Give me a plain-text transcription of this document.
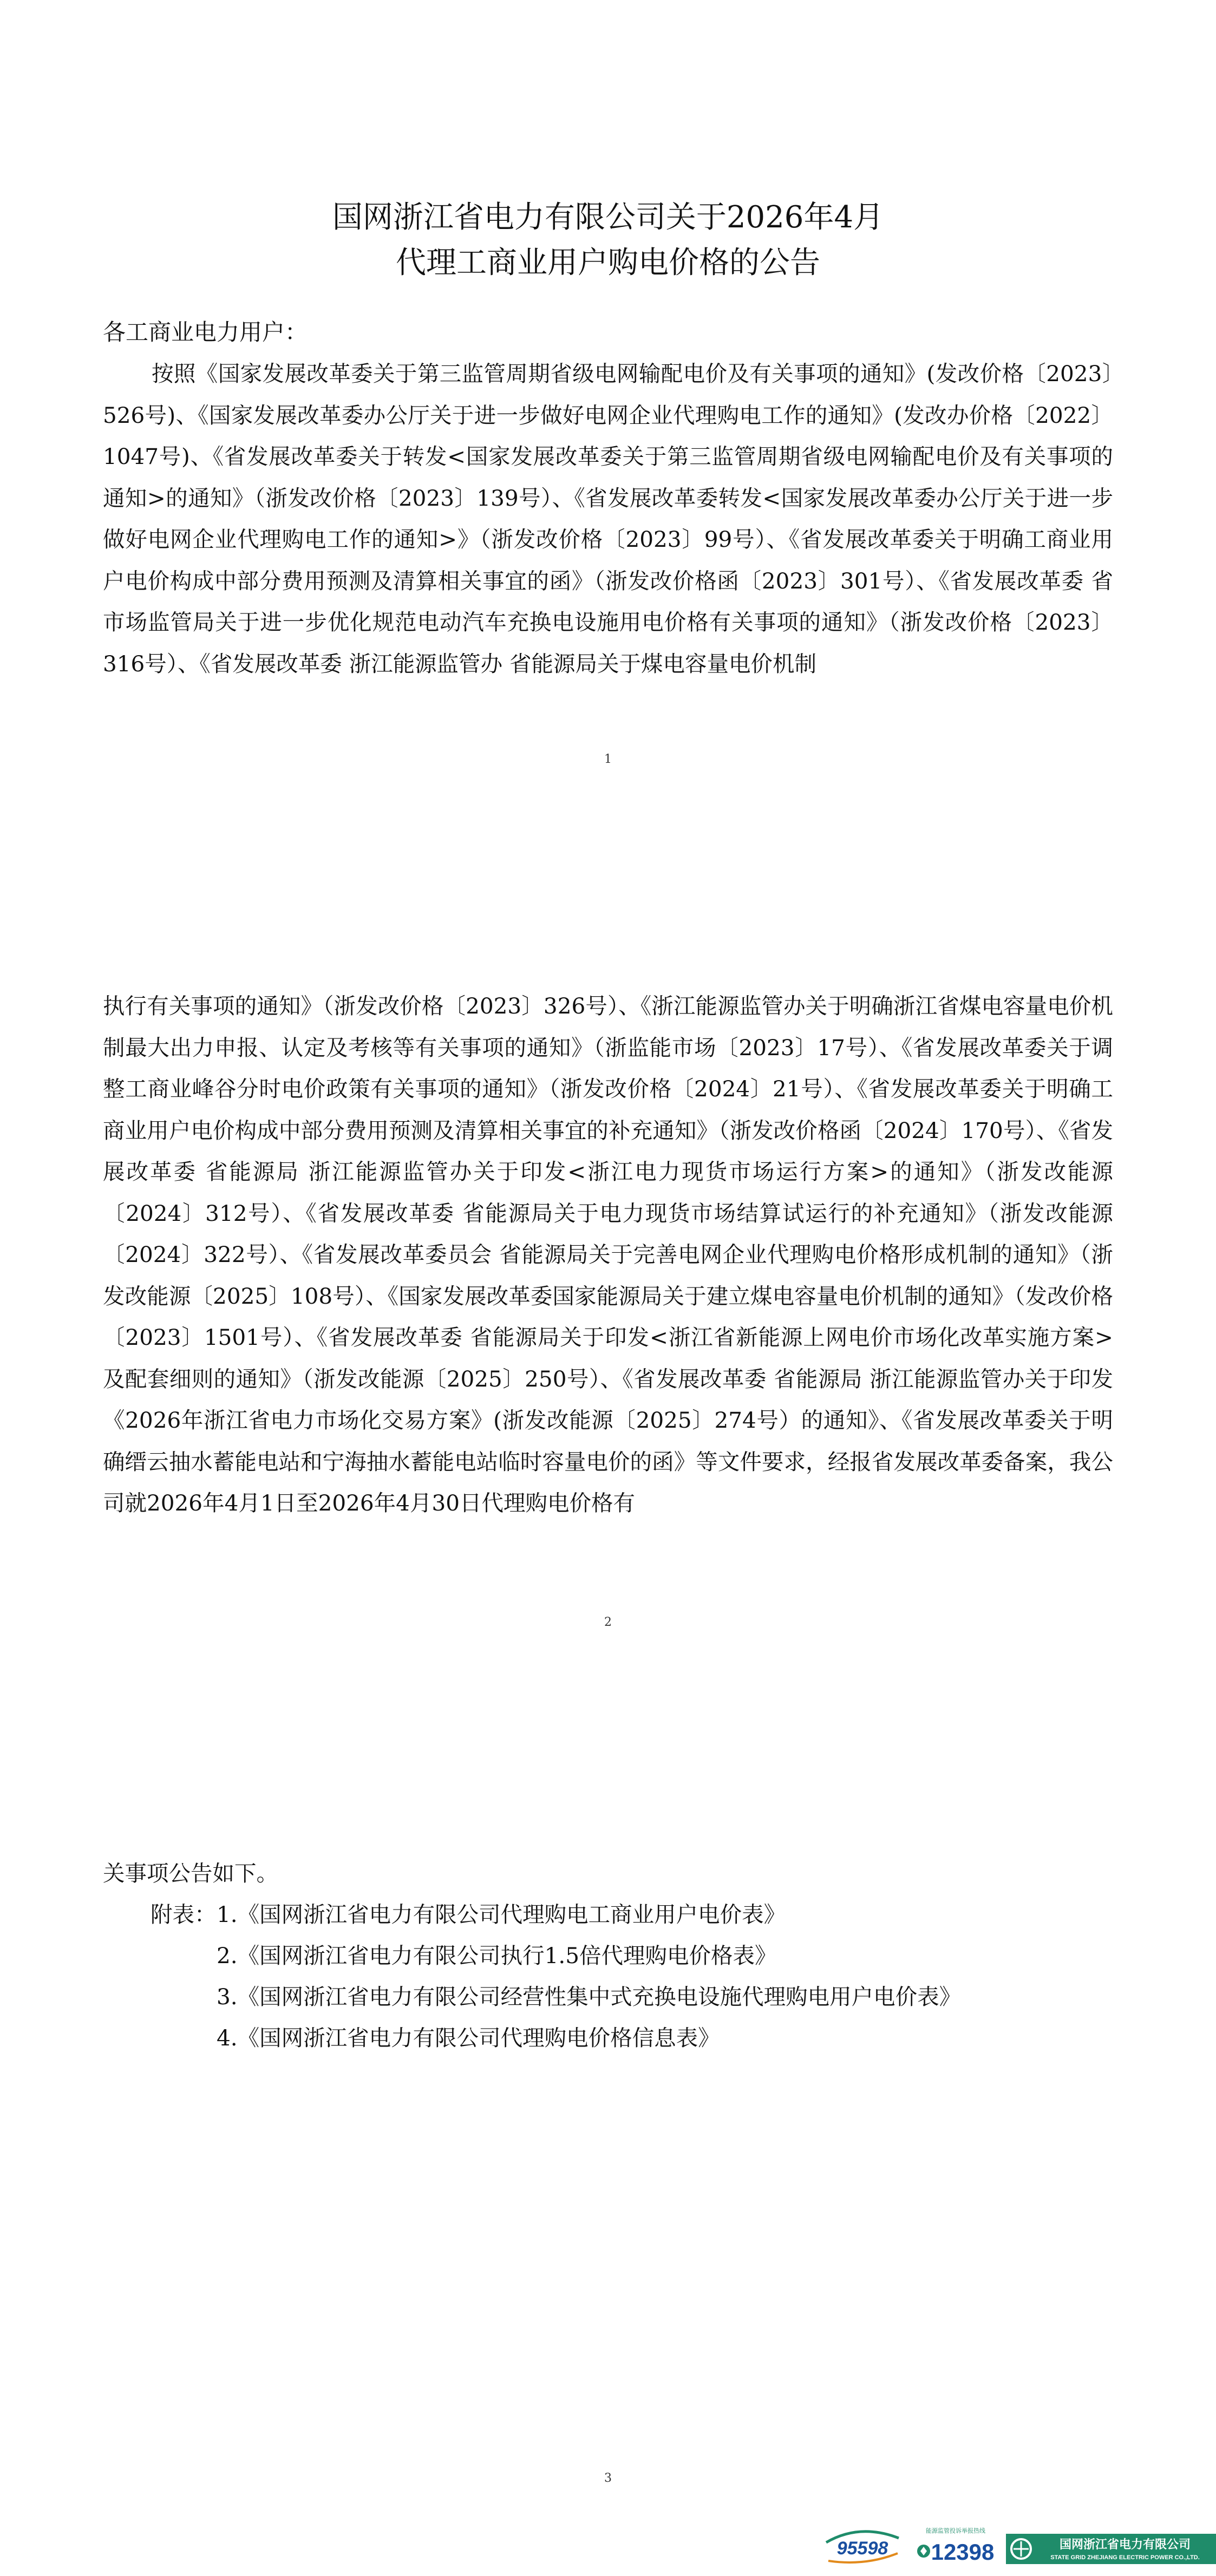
国网浙江省电力有限公司关于2026年4月
代理工商业用户购电价格的公告
各工商业电力用户：

按照《国家发展改革委关于第三监管周期省级电网输配电价及有关事项的通知》(发改价格〔2023〕526号)、《国家发展改革委办公厅关于进一步做好电网企业代理购电工作的通知》(发改办价格〔2022〕1047号)、《省发展改革委关于转发<国家发展改革委关于第三监管周期省级电网输配电价及有关事项的通知>的通知》（浙发改价格〔2023〕139号）、《省发展改革委转发<国家发展改革委办公厅关于进一步做好电网企业代理购电工作的通知>》（浙发改价格〔2023〕99号）、《省发展改革委关于明确工商业用户电价构成中部分费用预测及清算相关事宜的函》（浙发改价格函〔2023〕301号）、《省发展改革委 省市场监管局关于进一步优化规范电动汽车充换电设施用电价格有关事项的通知》（浙发改价格〔2023〕316号）、《省发展改革委 浙江能源监管办 省能源局关于煤电容量电价机制

1

执行有关事项的通知》（浙发改价格〔2023〕326号）、《浙江能源监管办关于明确浙江省煤电容量电价机制最大出力申报、认定及考核等有关事项的通知》（浙监能市场〔2023〕17号）、《省发展改革委关于调整工商业峰谷分时电价政策有关事项的通知》（浙发改价格〔2024〕21号）、《省发展改革委关于明确工商业用户电价构成中部分费用预测及清算相关事宜的补充通知》（浙发改价格函〔2024〕170号）、《省发展改革委 省能源局 浙江能源监管办关于印发<浙江电力现货市场运行方案>的通知》（浙发改能源〔2024〕312号）、《省发展改革委 省能源局关于电力现货市场结算试运行的补充通知》（浙发改能源〔2024〕322号）、《省发展改革委员会 省能源局关于完善电网企业代理购电价格形成机制的通知》（浙发改能源〔2025〕108号）、《国家发展改革委国家能源局关于建立煤电容量电价机制的通知》（发改价格〔2023〕1501号）、《省发展改革委 省能源局关于印发<浙江省新能源上网电价市场化改革实施方案>及配套细则的通知》（浙发改能源〔2025〕250号）、《省发展改革委 省能源局 浙江能源监管办关于印发《2026年浙江省电力市场化交易方案》(浙发改能源〔2025〕274号）的通知》、《省发展改革委关于明确缙云抽水蓄能电站和宁海抽水蓄能电站临时容量电价的函》等文件要求，经报省发展改革委备案，我公司就2026年4月1日至2026年4月30日代理购电价格有

2

关事项公告如下。

附表： 1.《国网浙江省电力有限公司代理购电工商业用户电价表》
2.《国网浙江省电力有限公司执行1.5倍代理购电价格表》
3.《国网浙江省电力有限公司经营性集中式充换电设施代理购电用户电价表》
4.《国网浙江省电力有限公司代理购电价格信息表》
3
95598
能源监管投诉举报热线
12398	国网浙江省电力有限公司
STATE GRID ZHEJIANG ELECTRIC POWER CO.,LTD.
